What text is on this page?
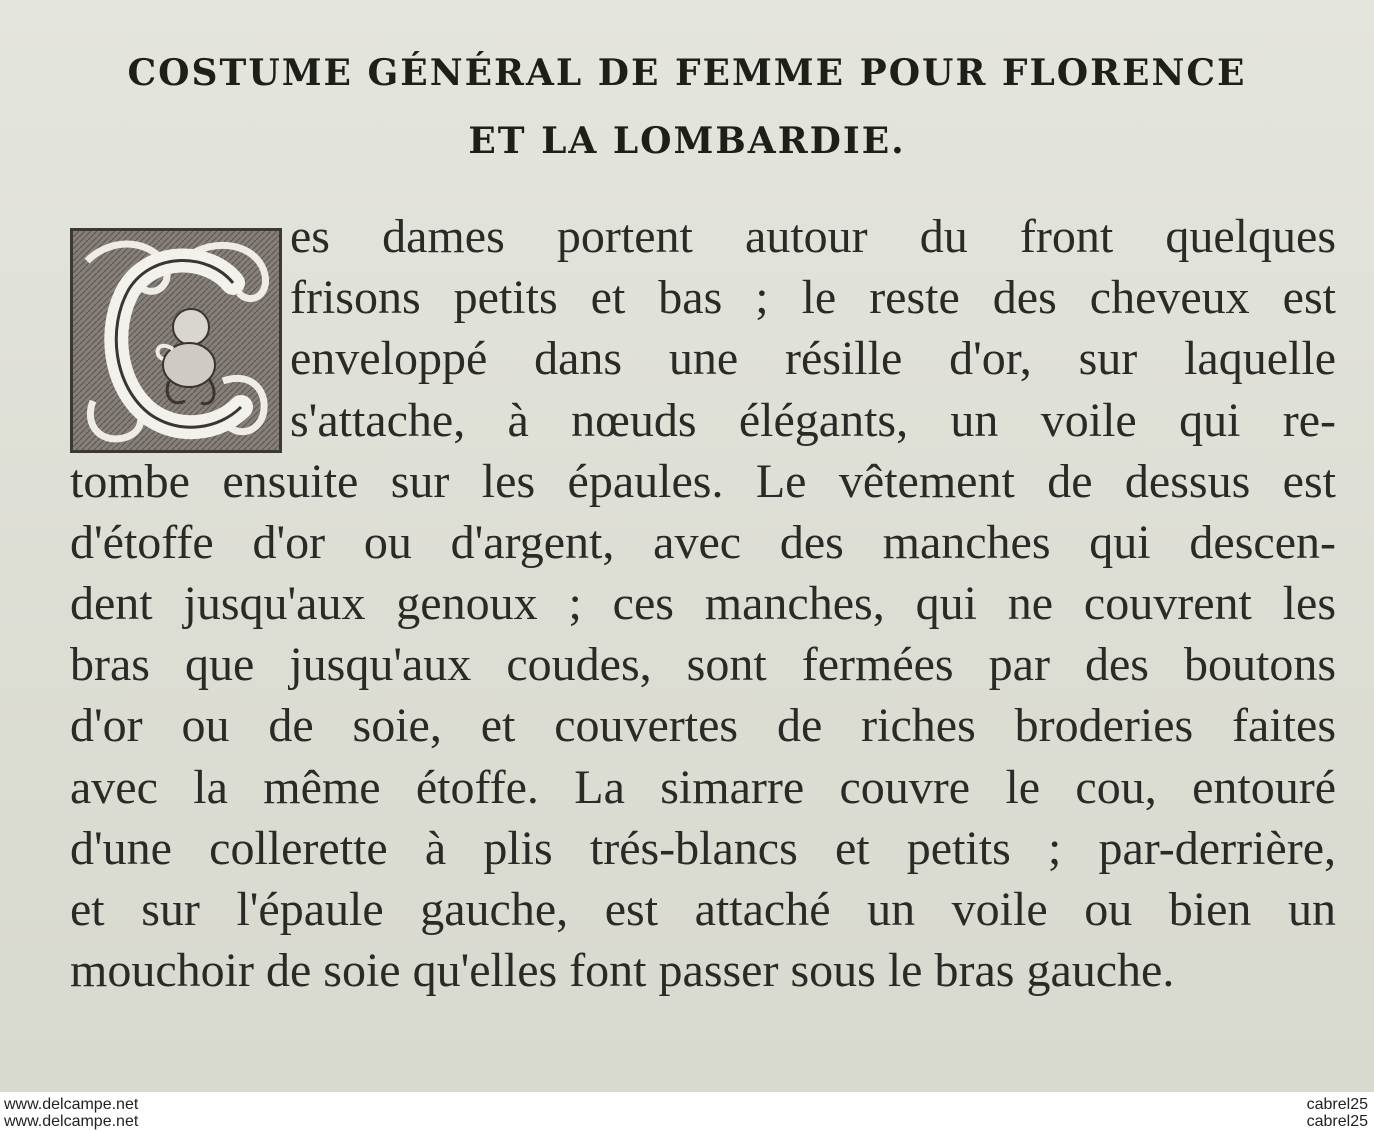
COSTUME GÉNÉRAL DE FEMME POUR FLORENCE
ET LA LOMBARDIE.
es dames portent autour du front quelques
frisons petits et bas ; le reste des cheveux est
enveloppé dans une résille d'or, sur laquelle
s'attache, à nœuds élégants, un voile qui re-
tombe ensuite sur les épaules. Le vêtement de dessus est
d'étoffe d'or ou d'argent, avec des manches qui descen-
dent jusqu'aux genoux ; ces manches, qui ne couvrent les
bras que jusqu'aux coudes, sont fermées par des boutons
d'or ou de soie, et couvertes de riches broderies faites
avec la même étoffe. La simarre couvre le cou, entouré
d'une collerette à plis trés-blancs et petits ; par-derrière,
et sur l'épaule gauche, est attaché un voile ou bien un
mouchoir de soie qu'elles font passer sous le bras gauche.
www.delcampe.net
www.delcampe.net
cabrel25
cabrel25
